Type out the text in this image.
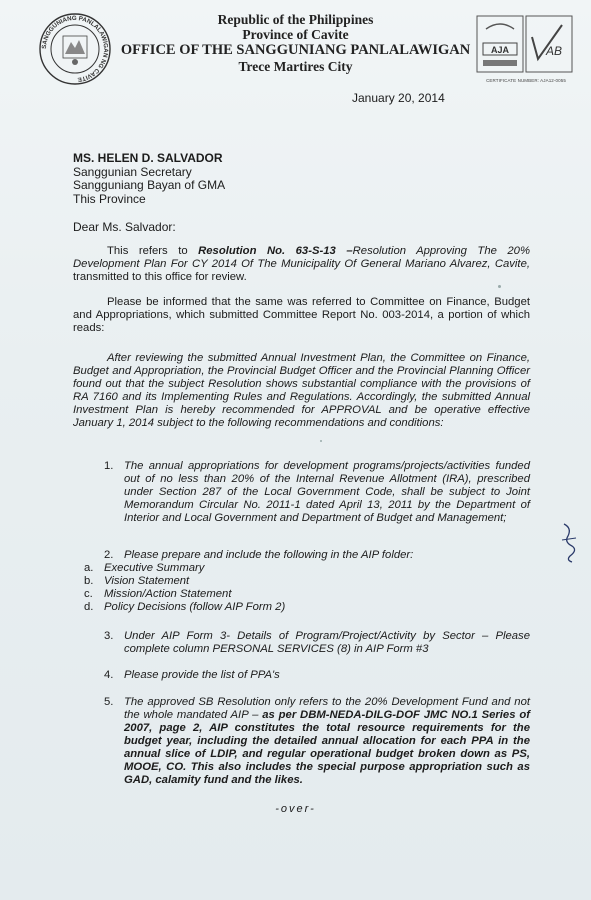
SANGGUNIANG PANLALAWIGAN NG CAVITE
Republic of the Philippines
Province of Cavite
OFFICE OF THE SANGGUNIANG PANLALAWIGAN
Trece Martires City
AJA	AB
CERTIFICATE NUMBER: AJA12-0055
January 20, 2014
MS. HELEN D. SALVADOR
Sanggunian Secretary
Sangguniang Bayan of GMA
This Province
Dear Ms. Salvador:
This refers to Resolution No. 63-S-13 –Resolution Approving The 20% Development Plan For CY 2014 Of The Municipality Of General Mariano Alvarez, Cavite, transmitted to this office for review.
Please be informed that the same was referred to Committee on Finance, Budget and Appropriations, which submitted Committee Report No. 003-2014, a portion of which reads:
After reviewing the submitted Annual Investment Plan, the Committee on Finance, Budget and Appropriation, the Provincial Budget Officer and the Provincial Planning Officer found out that the subject Resolution shows substantial compliance with the provisions of RA 7160 and its Implementing Rules and Regulations. Accordingly, the submitted Annual Investment Plan is hereby recommended for APPROVAL and be operative effective January 1, 2014 subject to the following recommendations and conditions:
1. The annual appropriations for development programs/projects/activities funded out of no less than 20% of the Internal Revenue Allotment (IRA), prescribed under Section 287 of the Local Government Code, shall be subject to Joint Memorandum Circular No. 2011-1 dated April 13, 2011 by the Department of Interior and Local Government and Department of Budget and Management;
2. Please prepare and include the following in the AIP folder:
a. Executive Summary
b. Vision Statement
c. Mission/Action Statement
d. Policy Decisions (follow AIP Form 2)
3. Under AIP Form 3- Details of Program/Project/Activity by Sector – Please complete column PERSONAL SERVICES (8) in AIP Form #3
4. Please provide the list of PPA's
5. The approved SB Resolution only refers to the 20% Development Fund and not the whole mandated AIP – as per DBM-NEDA-DILG-DOF JMC NO.1 Series of 2007, page 2, AIP constitutes the total resource requirements for the budget year, including the detailed annual allocation for each PPA in the annual slice of LDIP, and regular operational budget broken down as PS, MOOE, CO. This also includes the special purpose appropriation such as GAD, calamity fund and the likes.
-over-
